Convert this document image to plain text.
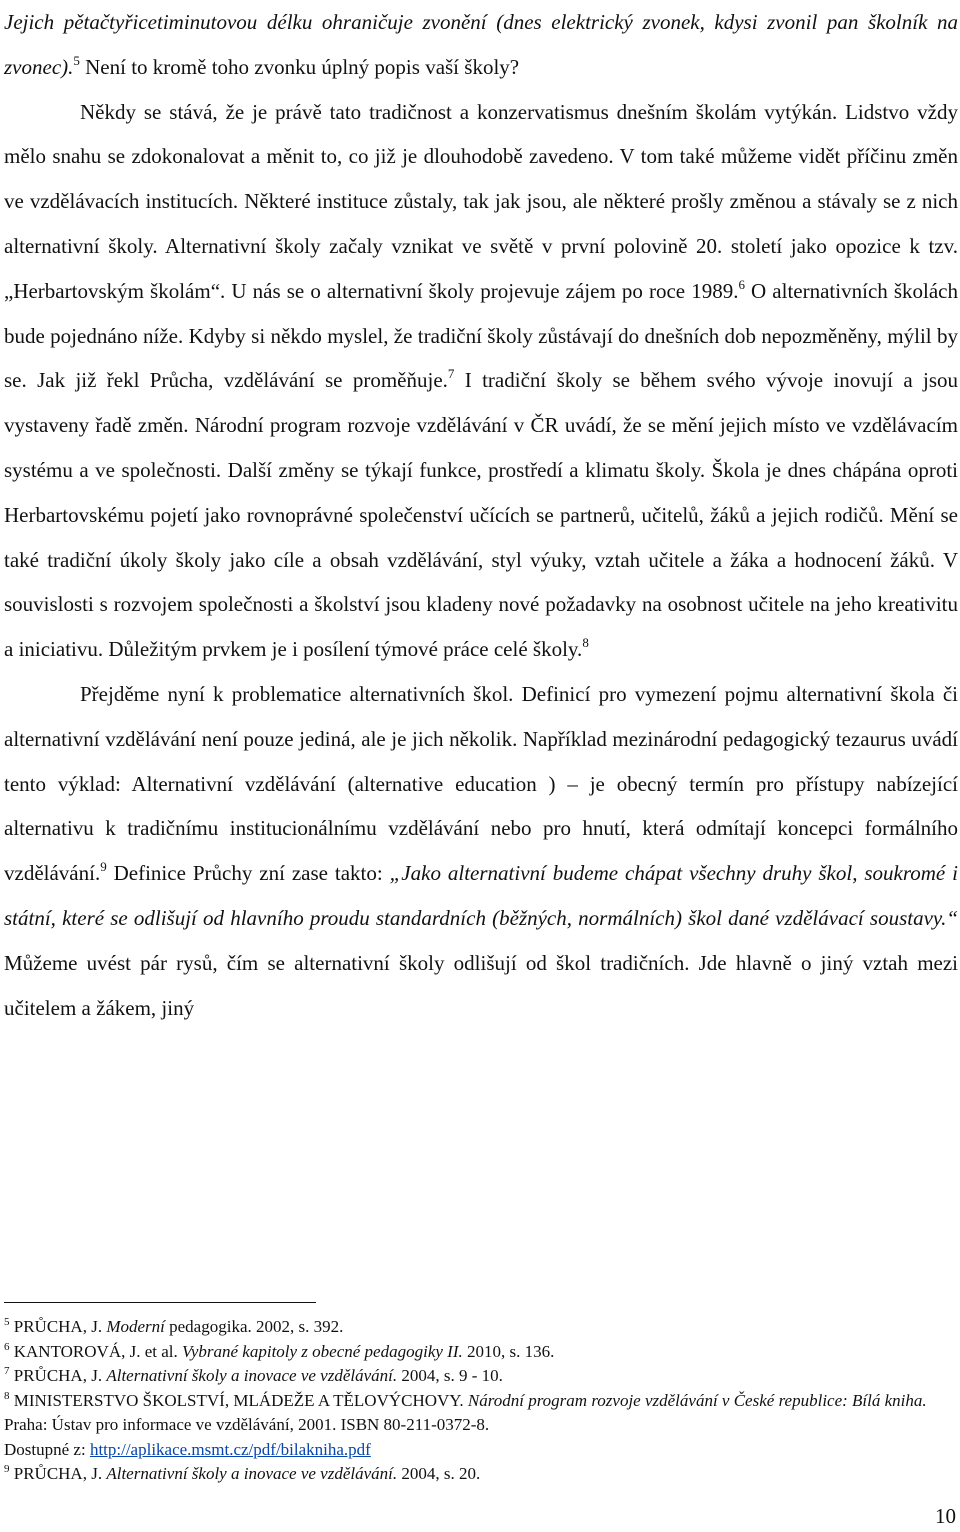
Jejich pětačtyřicetiminutovou délku ohraničuje zvonění (dnes elektrický zvonek, kdysi zvonil pan školník na zvonec).$^5$ Není to kromě toho zvonku úplný popis vaší školy?

Někdy se stává, že je právě tato tradičnost a konzervatismus dnešním školám vytýkán. Lidstvo vždy mělo snahu se zdokonalovat a měnit to, co již je dlouhodobě zavedeno. V tom také můžeme vidět příčinu změn ve vzdělávacích institucích. Některé instituce zůstaly, tak jak jsou, ale některé prošly změnou a stávaly se z nich alternativní školy. Alternativní školy začaly vznikat ve světě v první polovině 20. století jako opozice k tzv. „Herbartovským školám“. U nás se o alternativní školy projevuje zájem po roce 1989.$^6$ O alternativních školách bude pojednáno níže. Kdyby si někdo myslel, že tradiční školy zůstávají do dnešních dob nepozměněny, mýlil by se. Jak již řekl Průcha, vzdělávání se proměňuje.$^7$ I tradiční školy se během svého vývoje inovují a jsou vystaveny řadě změn. Národní program rozvoje vzdělávání v ČR uvádí, že se mění jejich místo ve vzdělávacím systému a ve společnosti. Další změny se týkají funkce, prostředí a klimatu školy. Škola je dnes chápána oproti Herbartovskému pojetí jako rovnoprávné společenství učících se partnerů, učitelů, žáků a jejich rodičů. Mění se také tradiční úkoly školy jako cíle a obsah vzdělávání, styl výuky, vztah učitele a žáka a hodnocení žáků. V souvislosti s rozvojem společnosti a školství jsou kladeny nové požadavky na osobnost učitele na jeho kreativitu a iniciativu. Důležitým prvkem je i posílení týmové práce celé školy.$^8$

Přejděme nyní k problematice alternativních škol. Definicí pro vymezení pojmu alternativní škola či alternativní vzdělávání není pouze jediná, ale je jich několik. Například mezinárodní pedagogický tezaurus uvádí tento výklad: Alternativní vzdělávání (alternative education ) – je obecný termín pro přístupy nabízející alternativu k tradičnímu institucionálnímu vzdělávání nebo pro hnutí, která odmítají koncepci formálního vzdělávání.$^9$ Definice Průchy zní zase takto: „Jako alternativní budeme chápat všechny druhy škol, soukromé i státní, které se odlišují od hlavního proudu standardních (běžných, normálních) škol dané vzdělávací soustavy.“ Můžeme uvést pár rysů, čím se alternativní školy odlišují od škol tradičních. Jde hlavně o jiný vztah mezi učitelem a žákem, jiný

$^5$ PRŮCHA, J. Moderní pedagogika. 2002, s. 392.

$^6$ KANTOROVÁ, J. et al. Vybrané kapitoly z obecné pedagogiky II. 2010, s. 136.

$^7$ PRŮCHA, J. Alternativní školy a inovace ve vzdělávání. 2004, s. 9 - 10.

$^8$ MINISTERSTVO ŠKOLSTVÍ, MLÁDEŽE A TĚLOVÝCHOVY. Národní program rozvoje vzdělávání v České republice: Bílá kniha. Praha: Ústav pro informace ve vzdělávání, 2001. ISBN 80-211-0372-8.
Dostupné z: http://aplikace.msmt.cz/pdf/bilakniha.pdf

$^9$ PRŮCHA, J. Alternativní školy a inovace ve vzdělávání. 2004, s. 20.

10
